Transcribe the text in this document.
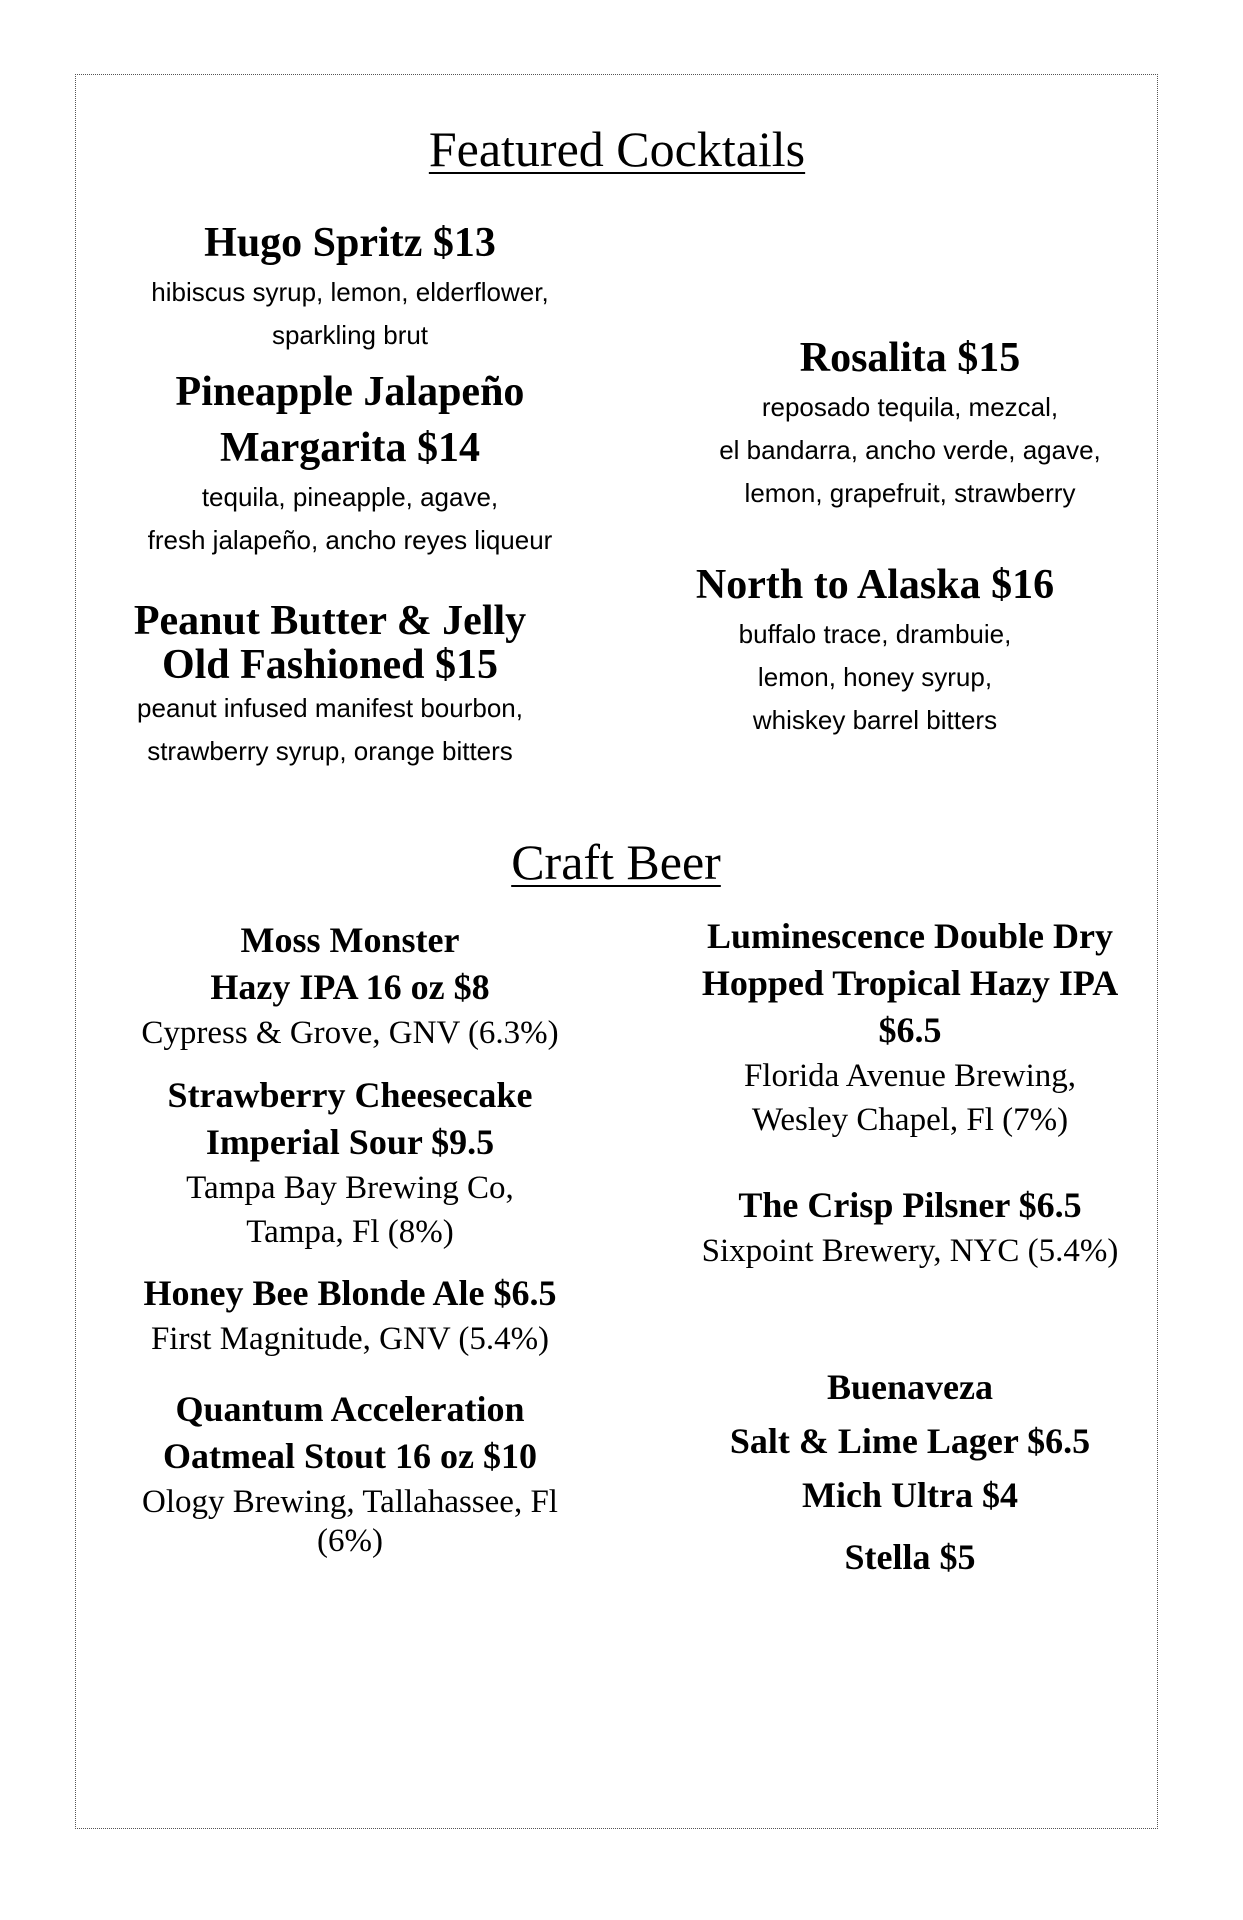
Featured Cocktails
Hugo Spritz $13
hibiscus syrup, lemon, elderflower,
sparkling brut
Pineapple Jalapeño
Margarita $14
tequila, pineapple, agave,
fresh jalapeño, ancho reyes liqueur
Peanut Butter & Jelly
Old Fashioned $15
peanut infused manifest bourbon,
strawberry syrup, orange bitters
Rosalita $15
reposado tequila, mezcal,
el bandarra, ancho verde, agave,
lemon, grapefruit, strawberry
North to Alaska $16
buffalo trace, drambuie,
lemon, honey syrup,
whiskey barrel bitters
Craft Beer
Moss Monster
Hazy IPA 16 oz $8
Cypress & Grove, GNV (6.3%)
Strawberry Cheesecake
Imperial Sour $9.5
Tampa Bay Brewing Co,
Tampa, Fl (8%)
Honey Bee Blonde Ale $6.5
First Magnitude, GNV (5.4%)
Quantum Acceleration
Oatmeal Stout 16 oz $10
Ology Brewing, Tallahassee, Fl
(6%)
Luminescence Double Dry
Hopped Tropical Hazy IPA
$6.5
Florida Avenue Brewing,
Wesley Chapel, Fl (7%)
The Crisp Pilsner $6.5
Sixpoint Brewery, NYC (5.4%)
Buenaveza
Salt & Lime Lager $6.5
Mich Ultra $4
Stella $5
